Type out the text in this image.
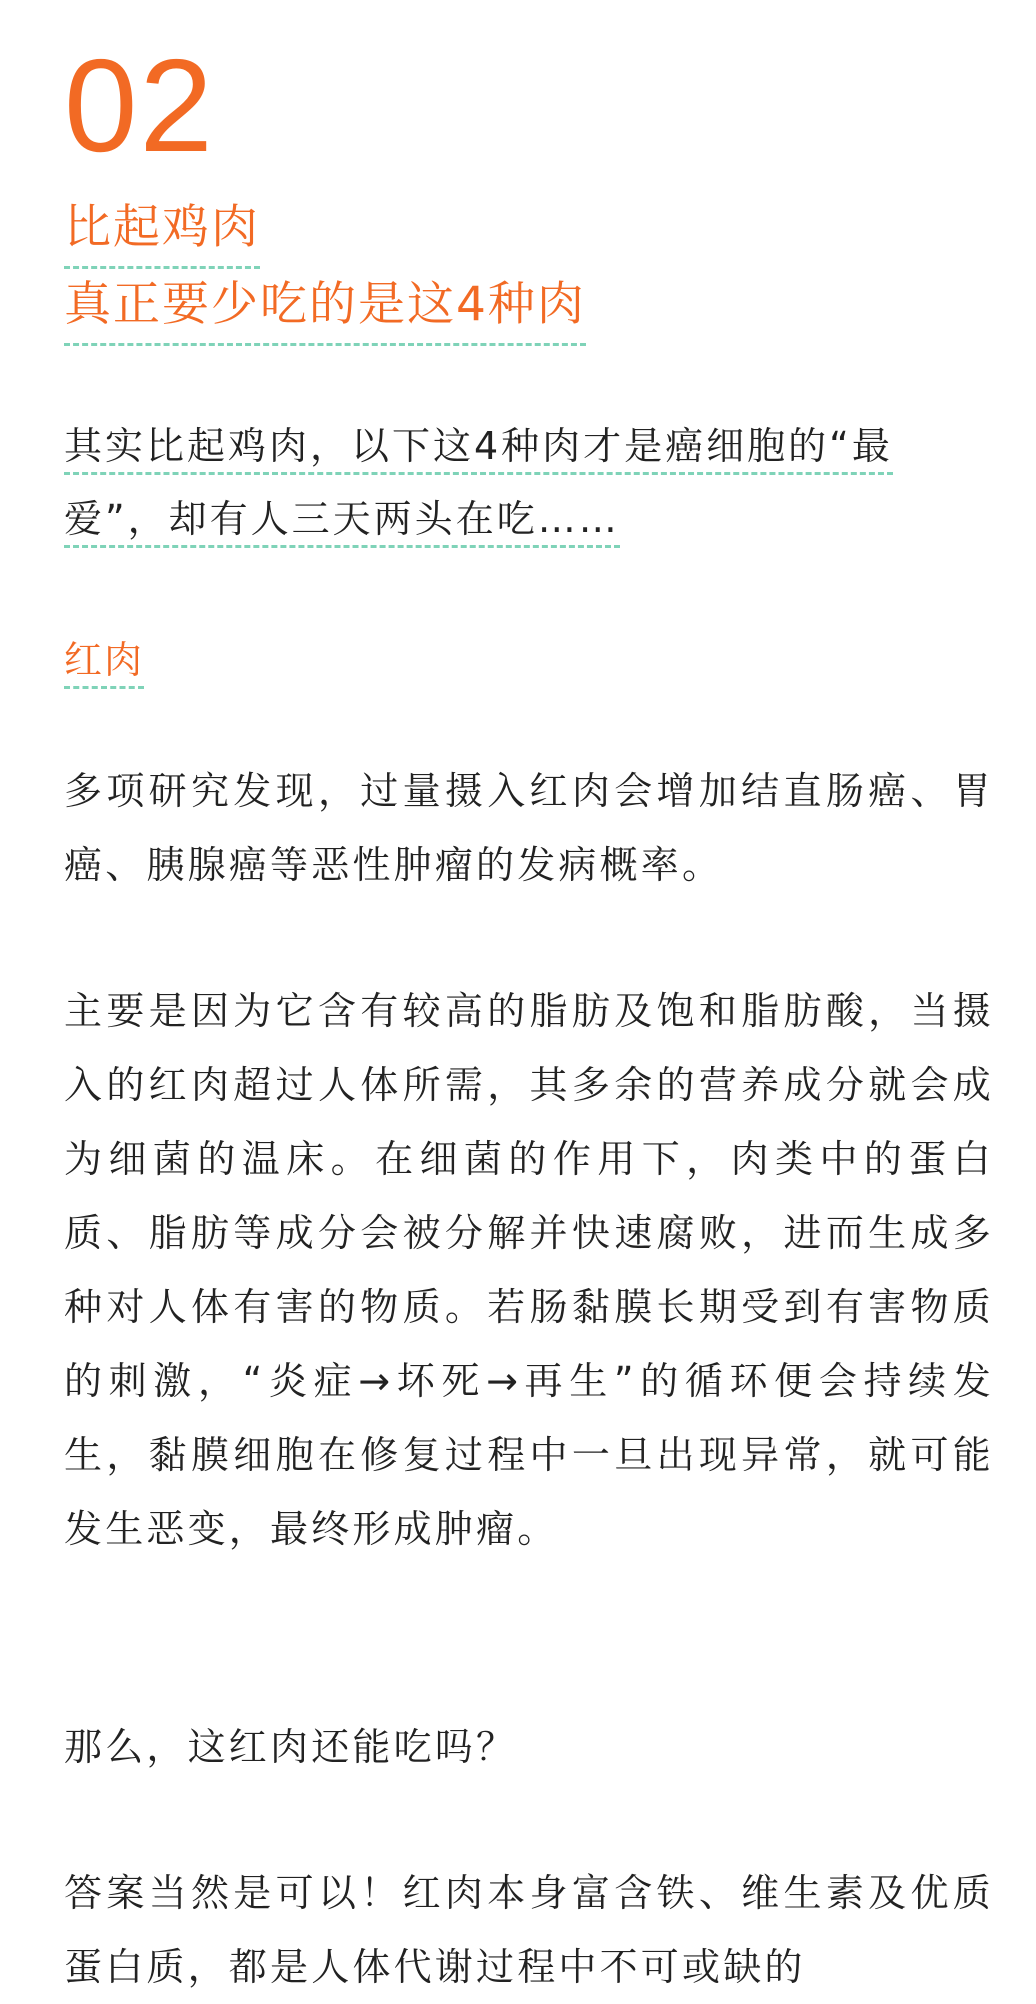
02
比起鸡肉
真正要少吃的是这4种肉
其实比起鸡肉，以下这4种肉才是癌细胞的“最
爱”，却有人三天两头在吃……
红肉

多项研究发现，过量摄入红肉会增加结直肠癌、胃癌、胰腺癌等恶性肿瘤的发病概率。

主要是因为它含有较高的脂肪及饱和脂肪酸，当摄入的红肉超过人体所需，其多余的营养成分就会成为细菌的温床。在细菌的作用下，肉类中的蛋白质、脂肪等成分会被分解并快速腐败，进而生成多种对人体有害的物质。若肠黏膜长期受到有害物质的刺激，“炎症→坏死→再生”的循环便会持续发生，黏膜细胞在修复过程中一旦出现异常，就可能发生恶变，最终形成肿瘤。

那么，这红肉还能吃吗？

答案当然是可以！红肉本身富含铁、维生素及优质蛋白质，都是人体代谢过程中不可或缺的
